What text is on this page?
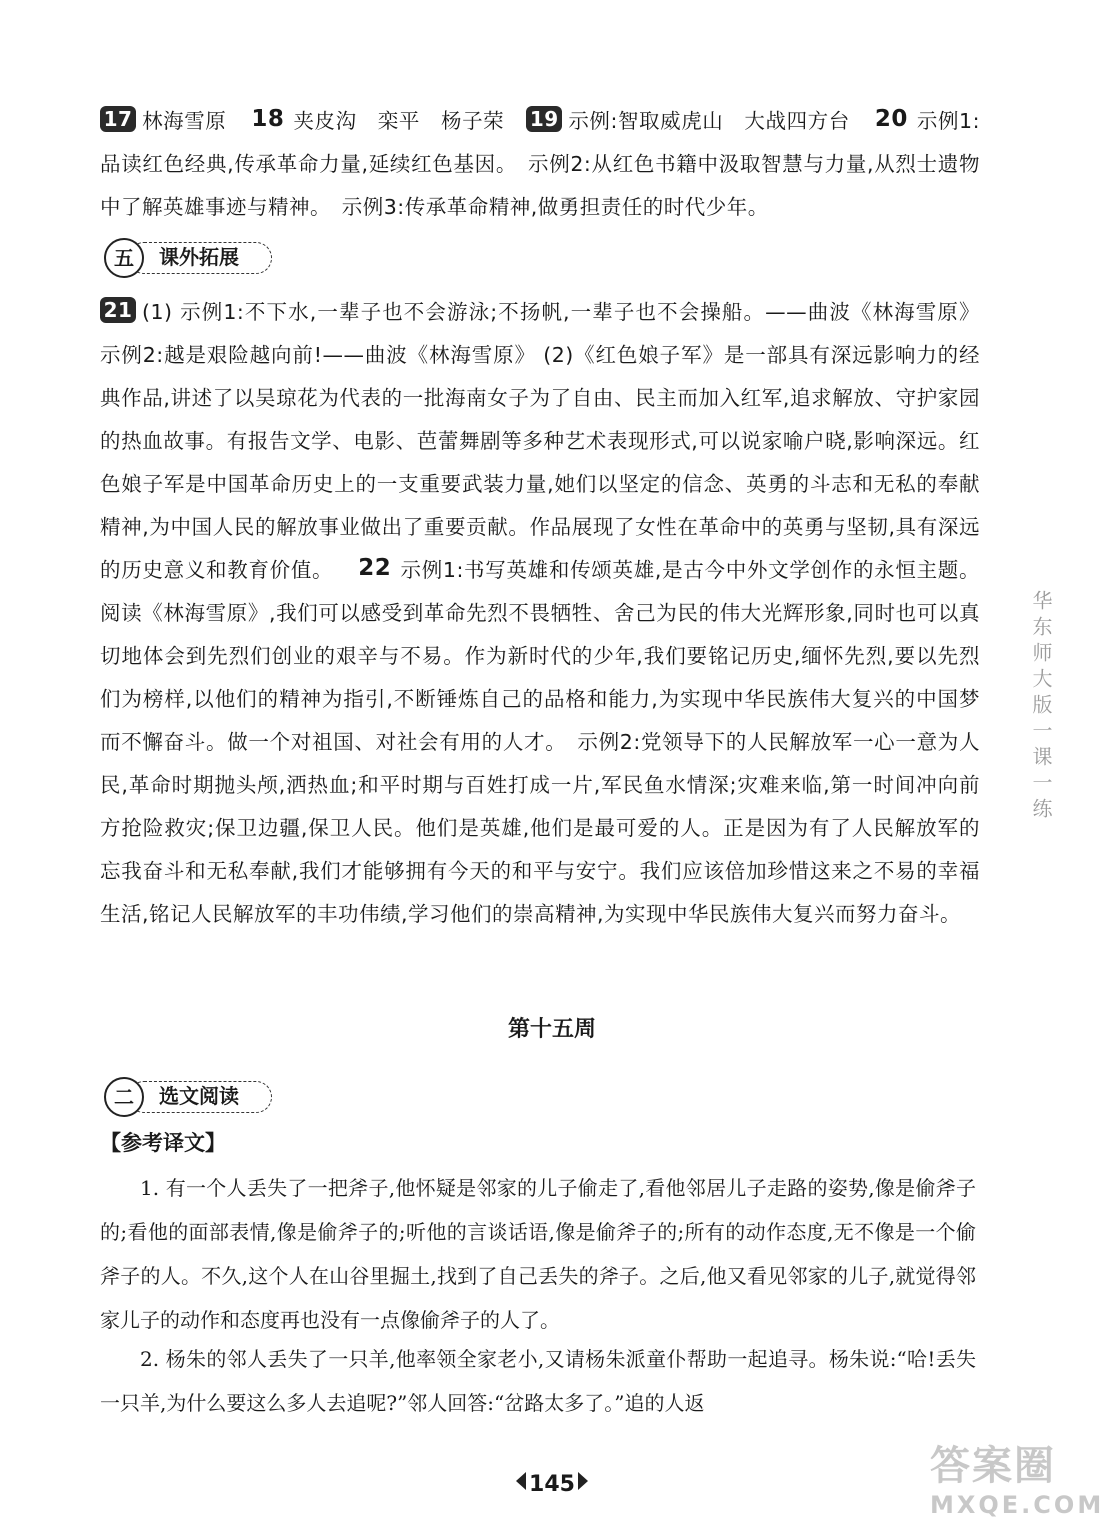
17 林海雪原 18 夹皮沟　栾平　杨子荣 19 示例:智取威虎山　大战四方台 20 示例1:品读红色经典,传承革命力量,延续红色基因。　示例2:从红色书籍中汲取智慧与力量,从烈士遗物中了解英雄事迹与精神。　示例3:传承革命精神,做勇担责任的时代少年。
五	课外拓展
21 (1) 示例1:不下水,一辈子也不会游泳;不扬帆,一辈子也不会操船。——曲波《林海雪原》 示例2:越是艰险越向前!——曲波《林海雪原》 (2)《红色娘子军》是一部具有深远影响力的经典作品,讲述了以吴琼花为代表的一批海南女子为了自由、民主而加入红军,追求解放、守护家园的热血故事。有报告文学、电影、芭蕾舞剧等多种艺术表现形式,可以说家喻户晓,影响深远。红色娘子军是中国革命历史上的一支重要武装力量,她们以坚定的信念、英勇的斗志和无私的奉献精神,为中国人民的解放事业做出了重要贡献。作品展现了女性在革命中的英勇与坚韧,具有深远的历史意义和教育价值。 22 示例1:书写英雄和传颂英雄,是古今中外文学创作的永恒主题。阅读《林海雪原》,我们可以感受到革命先烈不畏牺牲、舍己为民的伟大光辉形象,同时也可以真切地体会到先烈们创业的艰辛与不易。作为新时代的少年,我们要铭记历史,缅怀先烈,要以先烈们为榜样,以他们的精神为指引,不断锤炼自己的品格和能力,为实现中华民族伟大复兴的中国梦而不懈奋斗。做一个对祖国、对社会有用的人才。　示例2:党领导下的人民解放军一心一意为人民,革命时期抛头颅,洒热血;和平时期与百姓打成一片,军民鱼水情深;灾难来临,第一时间冲向前方抢险救灾;保卫边疆,保卫人民。他们是英雄,他们是最可爱的人。正是因为有了人民解放军的忘我奋斗和无私奉献,我们才能够拥有今天的和平与安宁。我们应该倍加珍惜这来之不易的幸福生活,铭记人民解放军的丰功伟绩,学习他们的崇高精神,为实现中华民族伟大复兴而努力奋斗。
第十五周
二	选文阅读
【参考译文】
1. 有一个人丢失了一把斧子,他怀疑是邻家的儿子偷走了,看他邻居儿子走路的姿势,像是偷斧子的;看他的面部表情,像是偷斧子的;听他的言谈话语,像是偷斧子的;所有的动作态度,无不像是一个偷斧子的人。不久,这个人在山谷里掘土,找到了自己丢失的斧子。之后,他又看见邻家的儿子,就觉得邻家儿子的动作和态度再也没有一点像偷斧子的人了。
2. 杨朱的邻人丢失了一只羊,他率领全家老小,又请杨朱派童仆帮助一起追寻。杨朱说:“哈!丢失一只羊,为什么要这么多人去追呢?”邻人回答:“岔路太多了。”追的人返
华东师大版一课一练
145	答案圈
MXQE.COM
